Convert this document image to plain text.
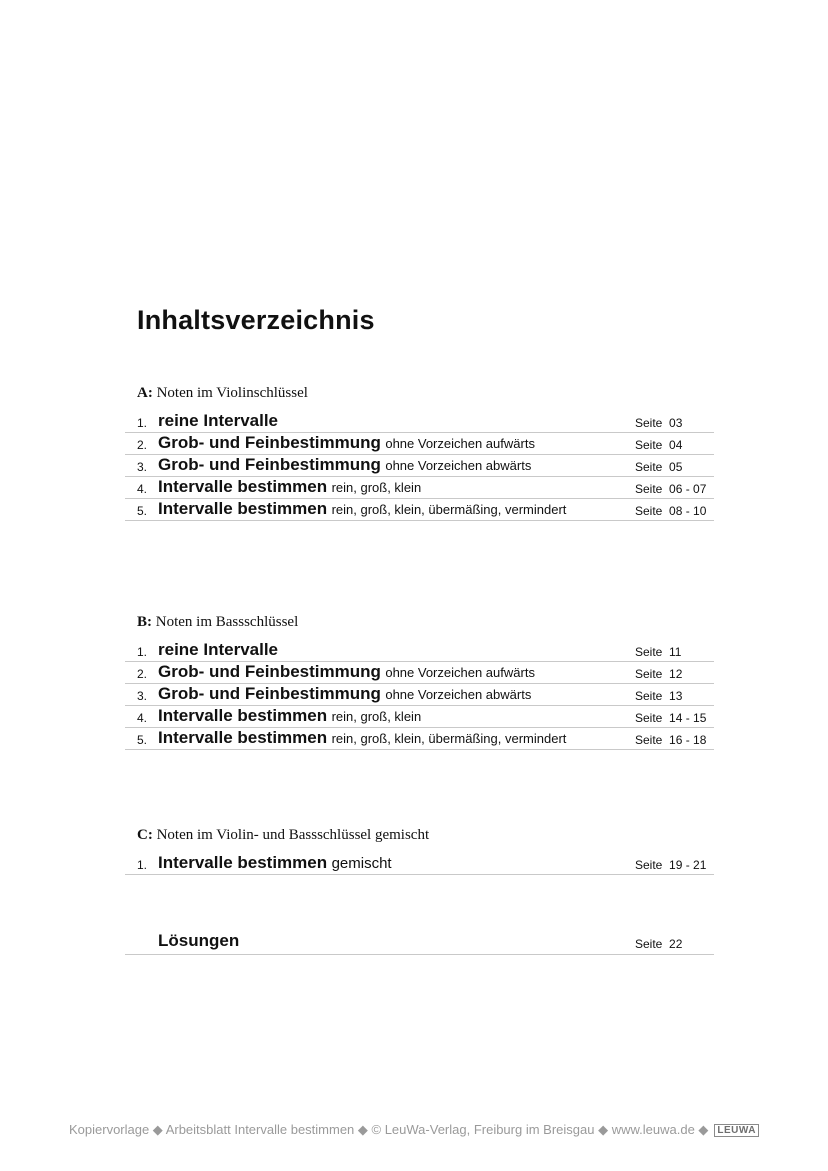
Inhaltsverzeichnis
A: Noten im Violinschlüssel
1. reine Intervalle	Seite  03
2. Grob- und Feinbestimmung ohne Vorzeichen aufwärts	Seite  04
3. Grob- und Feinbestimmung ohne Vorzeichen abwärts	Seite  05
4. Intervalle bestimmen rein, groß, klein	Seite  06 - 07
5. Intervalle bestimmen rein, groß, klein, übermäßing, vermindert	Seite  08 - 10
B: Noten im Bassschlüssel
1. reine Intervalle	Seite  11
2. Grob- und Feinbestimmung ohne Vorzeichen aufwärts	Seite  12
3. Grob- und Feinbestimmung ohne Vorzeichen abwärts	Seite  13
4. Intervalle bestimmen rein, groß, klein	Seite  14 - 15
5. Intervalle bestimmen rein, groß, klein, übermäßing, vermindert	Seite  16 - 18
C: Noten im Violin- und Bassschlüssel gemischt
1. Intervalle bestimmen gemischt	Seite  19 - 21
Lösungen	Seite  22
Kopiervorlage ◆ Arbeitsblatt Intervalle bestimmen ◆ © LeuWa-Verlag, Freiburg im Breisgau ◆ www.leuwa.de ◆ LEUWA
